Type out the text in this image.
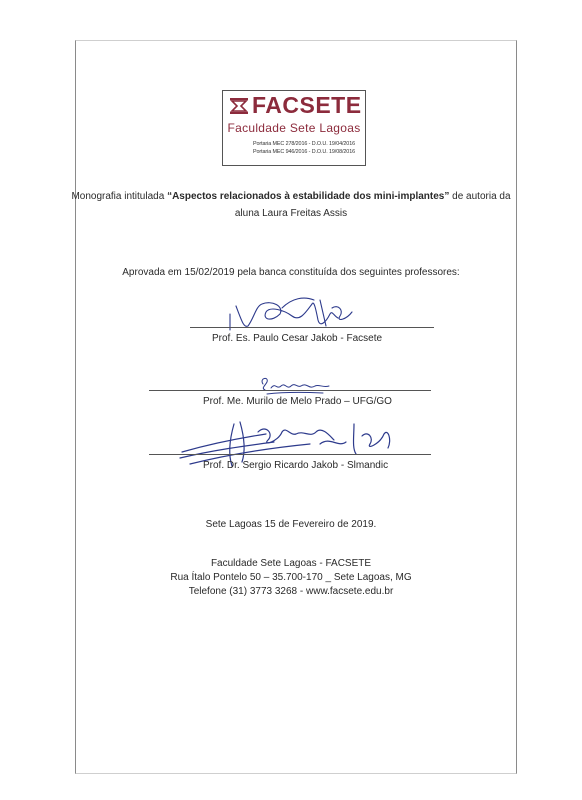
FACSETE
Faculdade Sete Lagoas
Portaria MEC 278/2016 - D.O.U. 19/04/2016
Portaria MEC 946/2016 - D.O.U. 19/08/2016
Monografia intitulada “Aspectos relacionados à estabilidade dos mini-implantes” de autoria da
aluna Laura Freitas Assis
Aprovada em 15/02/2019 pela banca constituída dos seguintes professores:
Prof. Es. Paulo Cesar Jakob - Facsete
Prof. Me. Murilo de Melo Prado – UFG/GO
Prof. Dr. Sergio Ricardo Jakob - Slmandic
Sete Lagoas 15 de Fevereiro de 2019.
Faculdade Sete Lagoas - FACSETE
Rua Ítalo Pontelo 50 – 35.700-170 _ Sete Lagoas, MG
Telefone (31) 3773 3268 - www.facsete.edu.br
